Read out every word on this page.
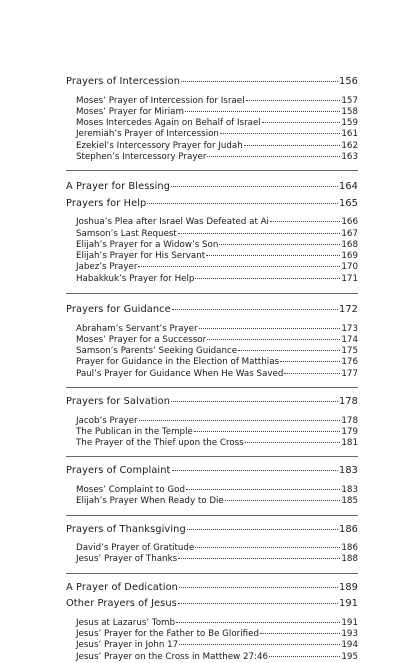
Prayers of Intercession	156
Moses’ Prayer of Intercession for Israel	157
Moses’ Prayer for Miriam	158
Moses Intercedes Again on Behalf of Israel	159
Jeremiah’s Prayer of Intercession	161
Ezekiel’s Intercessory Prayer for Judah	162
Stephen’s Intercessory Prayer	163
A Prayer for Blessing	164
Prayers for Help	165
Joshua’s Plea after Israel Was Defeated at Ai	166
Samson’s Last Request	167
Elijah’s Prayer for a Widow’s Son	168
Elijah’s Prayer for His Servant	169
Jabez’s Prayer	170
Habakkuk’s Prayer for Help	171
Prayers for Guidance	172
Abraham’s Servant’s Prayer	173
Moses’ Prayer for a Successor	174
Samson’s Parents’ Seeking Guidance	175
Prayer for Guidance in the Election of Matthias	176
Paul’s Prayer for Guidance When He Was Saved	177
Prayers for Salvation	178
Jacob’s Prayer	178
The Publican in the Temple	179
The Prayer of the Thief upon the Cross	181
Prayers of Complaint	183
Moses’ Complaint to God	183
Elijah’s Prayer When Ready to Die	185
Prayers of Thanksgiving	186
David’s Prayer of Gratitude	186
Jesus’ Prayer of Thanks	188
A Prayer of Dedication	189
Other Prayers of Jesus	191
Jesus at Lazarus’ Tomb	191
Jesus’ Prayer for the Father to Be Glorified	193
Jesus’ Prayer in John 17	194
Jesus’ Prayer on the Cross in Matthew 27:46	195
